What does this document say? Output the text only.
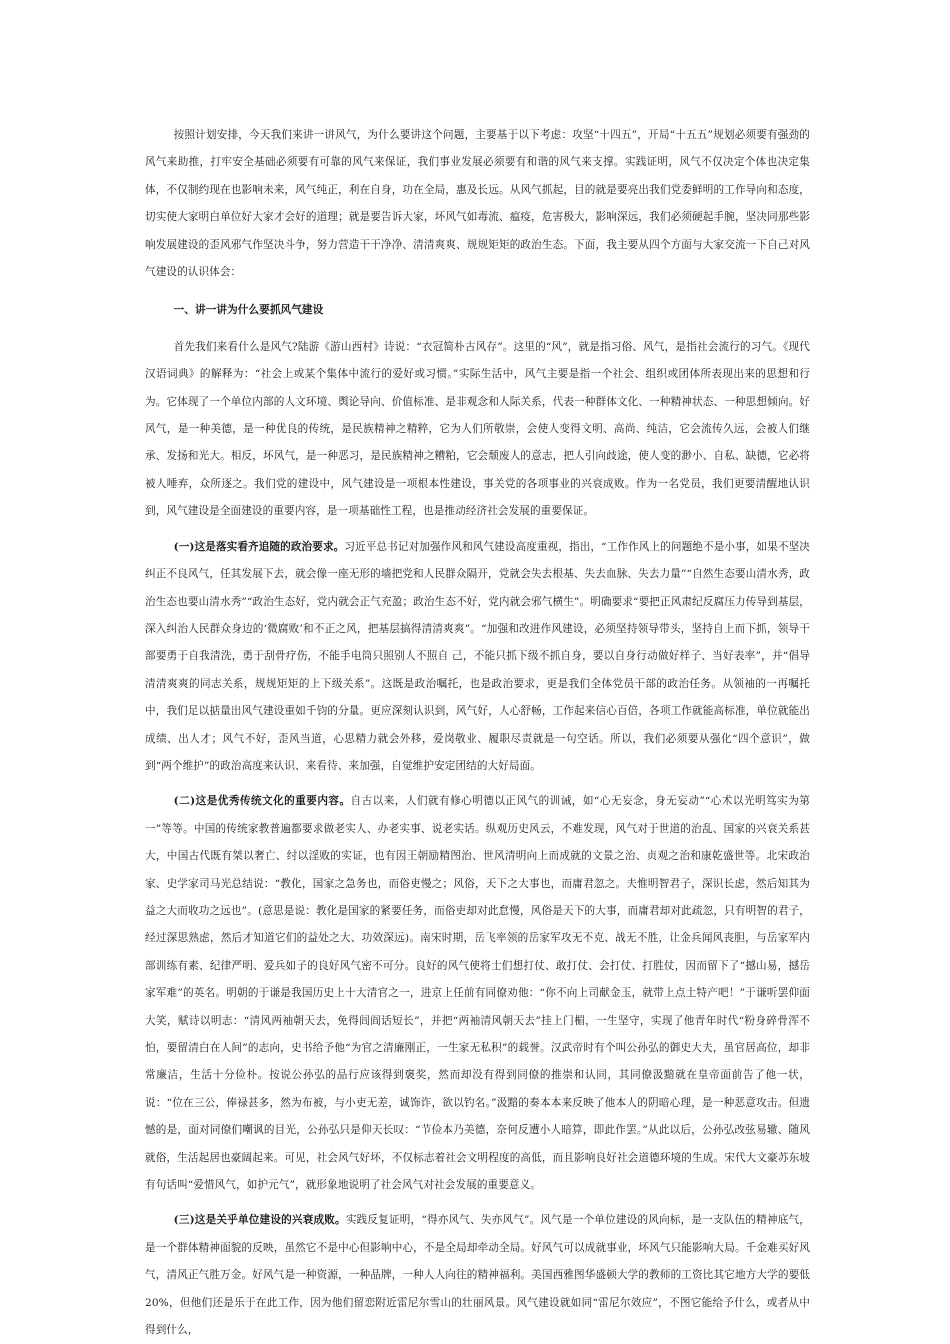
按照计划安排，今天我们来讲一讲风气，为什么要讲这个问题，主要基于以下考虑：攻坚“十四五”，开局“十五五”规划必须要有强劲的风气来助推，打牢安全基础必须要有可靠的风气来保证，我们事业发展必须要有和谐的风气来支撑。实践证明，风气不仅决定个体也决定集体，不仅制约现在也影响未来，风气纯正，利在自身，功在全局，惠及长远。从风气抓起，目的就是要亮出我们党委鲜明的工作导向和态度，切实使大家明白单位好大家才会好的道理；就是要告诉大家，坏风气如毒流、瘟疫，危害极大，影响深远，我们必须硬起手腕，坚决同那些影响发展建设的歪风邪气作坚决斗争，努力营造干干净净、清清爽爽、规规矩矩的政治生态。下面，我主要从四个方面与大家交流一下自己对风气建设的认识体会：

一、讲一讲为什么要抓风气建设

首先我们来看什么是风气?陆游《游山西村》诗说：“衣冠简朴古风存”。这里的“风”，就是指习俗、风气，是指社会流行的习气。《现代汉语词典》的解释为：“社会上或某个集体中流行的爱好或习惯。”实际生活中，风气主要是指一个社会、组织或团体所表现出来的思想和行为。它体现了一个单位内部的人文环境、舆论导向、价值标准、是非观念和人际关系，代表一种群体文化、一种精神状态、一种思想倾向。好风气，是一种美德，是一种优良的传统，是民族精神之精粹，它为人们所敬崇，会使人变得文明、高尚、纯洁，它会流传久远，会被人们继承、发扬和光大。相反，坏风气，是一种恶习，是民族精神之糟粕，它会颓废人的意志，把人引向歧途，使人变的渺小、自私、缺德，它必将被人唾弃，众所逐之。我们党的建设中，风气建设是一项根本性建设，事关党的各项事业的兴衰成败。作为一名党员，我们更要清醒地认识到，风气建设是全面建设的重要内容，是一项基础性工程，也是推动经济社会发展的重要保证。

(一)这是落实看齐追随的政治要求。习近平总书记对加强作风和风气建设高度重视，指出，“工作作风上的问题绝不是小事，如果不坚决纠正不良风气，任其发展下去，就会像一座无形的墙把党和人民群众隔开，党就会失去根基、失去血脉、失去力量”“自然生态要山清水秀，政治生态也要山清水秀”“政治生态好，党内就会正气充盈；政治生态不好，党内就会邪气横生”。明确要求“要把正风肃纪反腐压力传导到基层，深入纠治人民群众身边的‘微腐败’和不正之风，把基层搞得清清爽爽”。“加强和改进作风建设，必须坚持领导带头，坚持自上而下抓，领导干部要勇于自我清洗，勇于刮骨疗伤，不能手电筒只照别人不照自 己，不能只抓下级不抓自身，要以自身行动做好样子、当好表率”，并“倡导清清爽爽的同志关系，规规矩矩的上下级关系”。这既是政治嘱托，也是政治要求，更是我们全体党员干部的政治任务。从领袖的一再嘱托中，我们足以掂量出风气建设重如千钧的分量。更应深刻认识到，风气好，人心舒畅，工作起来信心百倍，各项工作就能高标准，单位就能出成绩、出人才；风气不好，歪风当道，心思精力就会外移，爱岗敬业、履职尽责就是一句空话。所以，我们必须要从强化“四个意识”，做到“两个维护”的政治高度来认识、来看待、来加强，自觉维护安定团结的大好局面。

(二)这是优秀传统文化的重要内容。自古以来，人们就有修心明德以正风气的训诫，如“心无妄念，身无妄动”“心术以光明笃实为第一”等等。中国的传统家教普遍都要求做老实人、办老实事、说老实话。纵观历史风云，不难发现，风气对于世道的治乱、国家的兴衰关系甚大，中国古代既有桀以奢亡、纣以淫败的实证，也有因王朝励精图治、世风清明向上而成就的文景之治、贞观之治和康乾盛世等。北宋政治家、史学家司马光总结说：“教化，国家之急务也，而俗吏慢之；风俗，天下之大事也，而庸君忽之。夫惟明智君子，深识长虑，然后知其为益之大而收功之远也”。(意思是说：教化是国家的紧要任务，而俗吏却对此怠慢，风俗是天下的大事，而庸君却对此疏忽，只有明智的君子，经过深思熟虑，然后才知道它们的益处之大、功效深远)。南宋时期，岳飞率领的岳家军攻无不克、战无不胜，让金兵闻风丧胆，与岳家军内部训练有素、纪律严明、爱兵如子的良好风气密不可分。良好的风气使将士们想打仗、敢打仗、会打仗、打胜仗，因而留下了“撼山易，撼岳家军难”的英名。明朝的于谦是我国历史上十大清官之一，进京上任前有同僚劝他：“你不向上司献金玉，就带上点土特产吧！”于谦听罢仰面大笑，赋诗以明志：“清风两袖朝天去，免得闾阎话短长”，并把“两袖清风朝天去”挂上门楣，一生坚守，实现了他青年时代“粉身碎骨浑不怕，要留清白在人间”的志向，史书给予他“为官之清廉刚正，一生家无私积”的载誉。汉武帝时有个叫公孙弘的御史大夫，虽官居高位，却非常廉洁，生活十分俭朴。按说公孙弘的品行应该得到褒奖，然而却没有得到同僚的推崇和认同，其同僚汲黯就在皇帝面前告了他一状，说：“位在三公，俸禄甚多，然为布被，与小吏无差，诚饰诈，欲以钓名。”汲黯的奏本本来反映了他本人的阴暗心理，是一种恶意攻击。但遗憾的是，面对同僚们嘲讽的目光，公孙弘只是仰天长叹：“节俭本乃美德，奈何反遭小人暗算，即此作罢。”从此以后，公孙弘改弦易辙、随风就俗，生活起居也豪阔起来。可见，社会风气好坏，不仅标志着社会文明程度的高低，而且影响良好社会道德环境的生成。宋代大文豪苏东坡有句话叫“爱惜风气，如护元气”，就形象地说明了社会风气对社会发展的重要意义。

(三)这是关乎单位建设的兴衰成败。实践反复证明，“得亦风气、失亦风气”。风气是一个单位建设的风向标，是一支队伍的精神底气，是一个群体精神面貌的反映，虽然它不是中心但影响中心，不是全局却牵动全局。好风气可以成就事业，坏风气只能影响大局。千金难买好风气，清风正气胜万金。好风气是一种资源，一种品牌，一种人人向往的精神福利。美国西雅图华盛顿大学的教师的工资比其它地方大学的要低 20%，但他们还是乐于在此工作，因为他们留恋附近雷尼尔雪山的壮丽风景。风气建设就如同“雷尼尔效应”，不图它能给予什么，或者从中得到什么，
